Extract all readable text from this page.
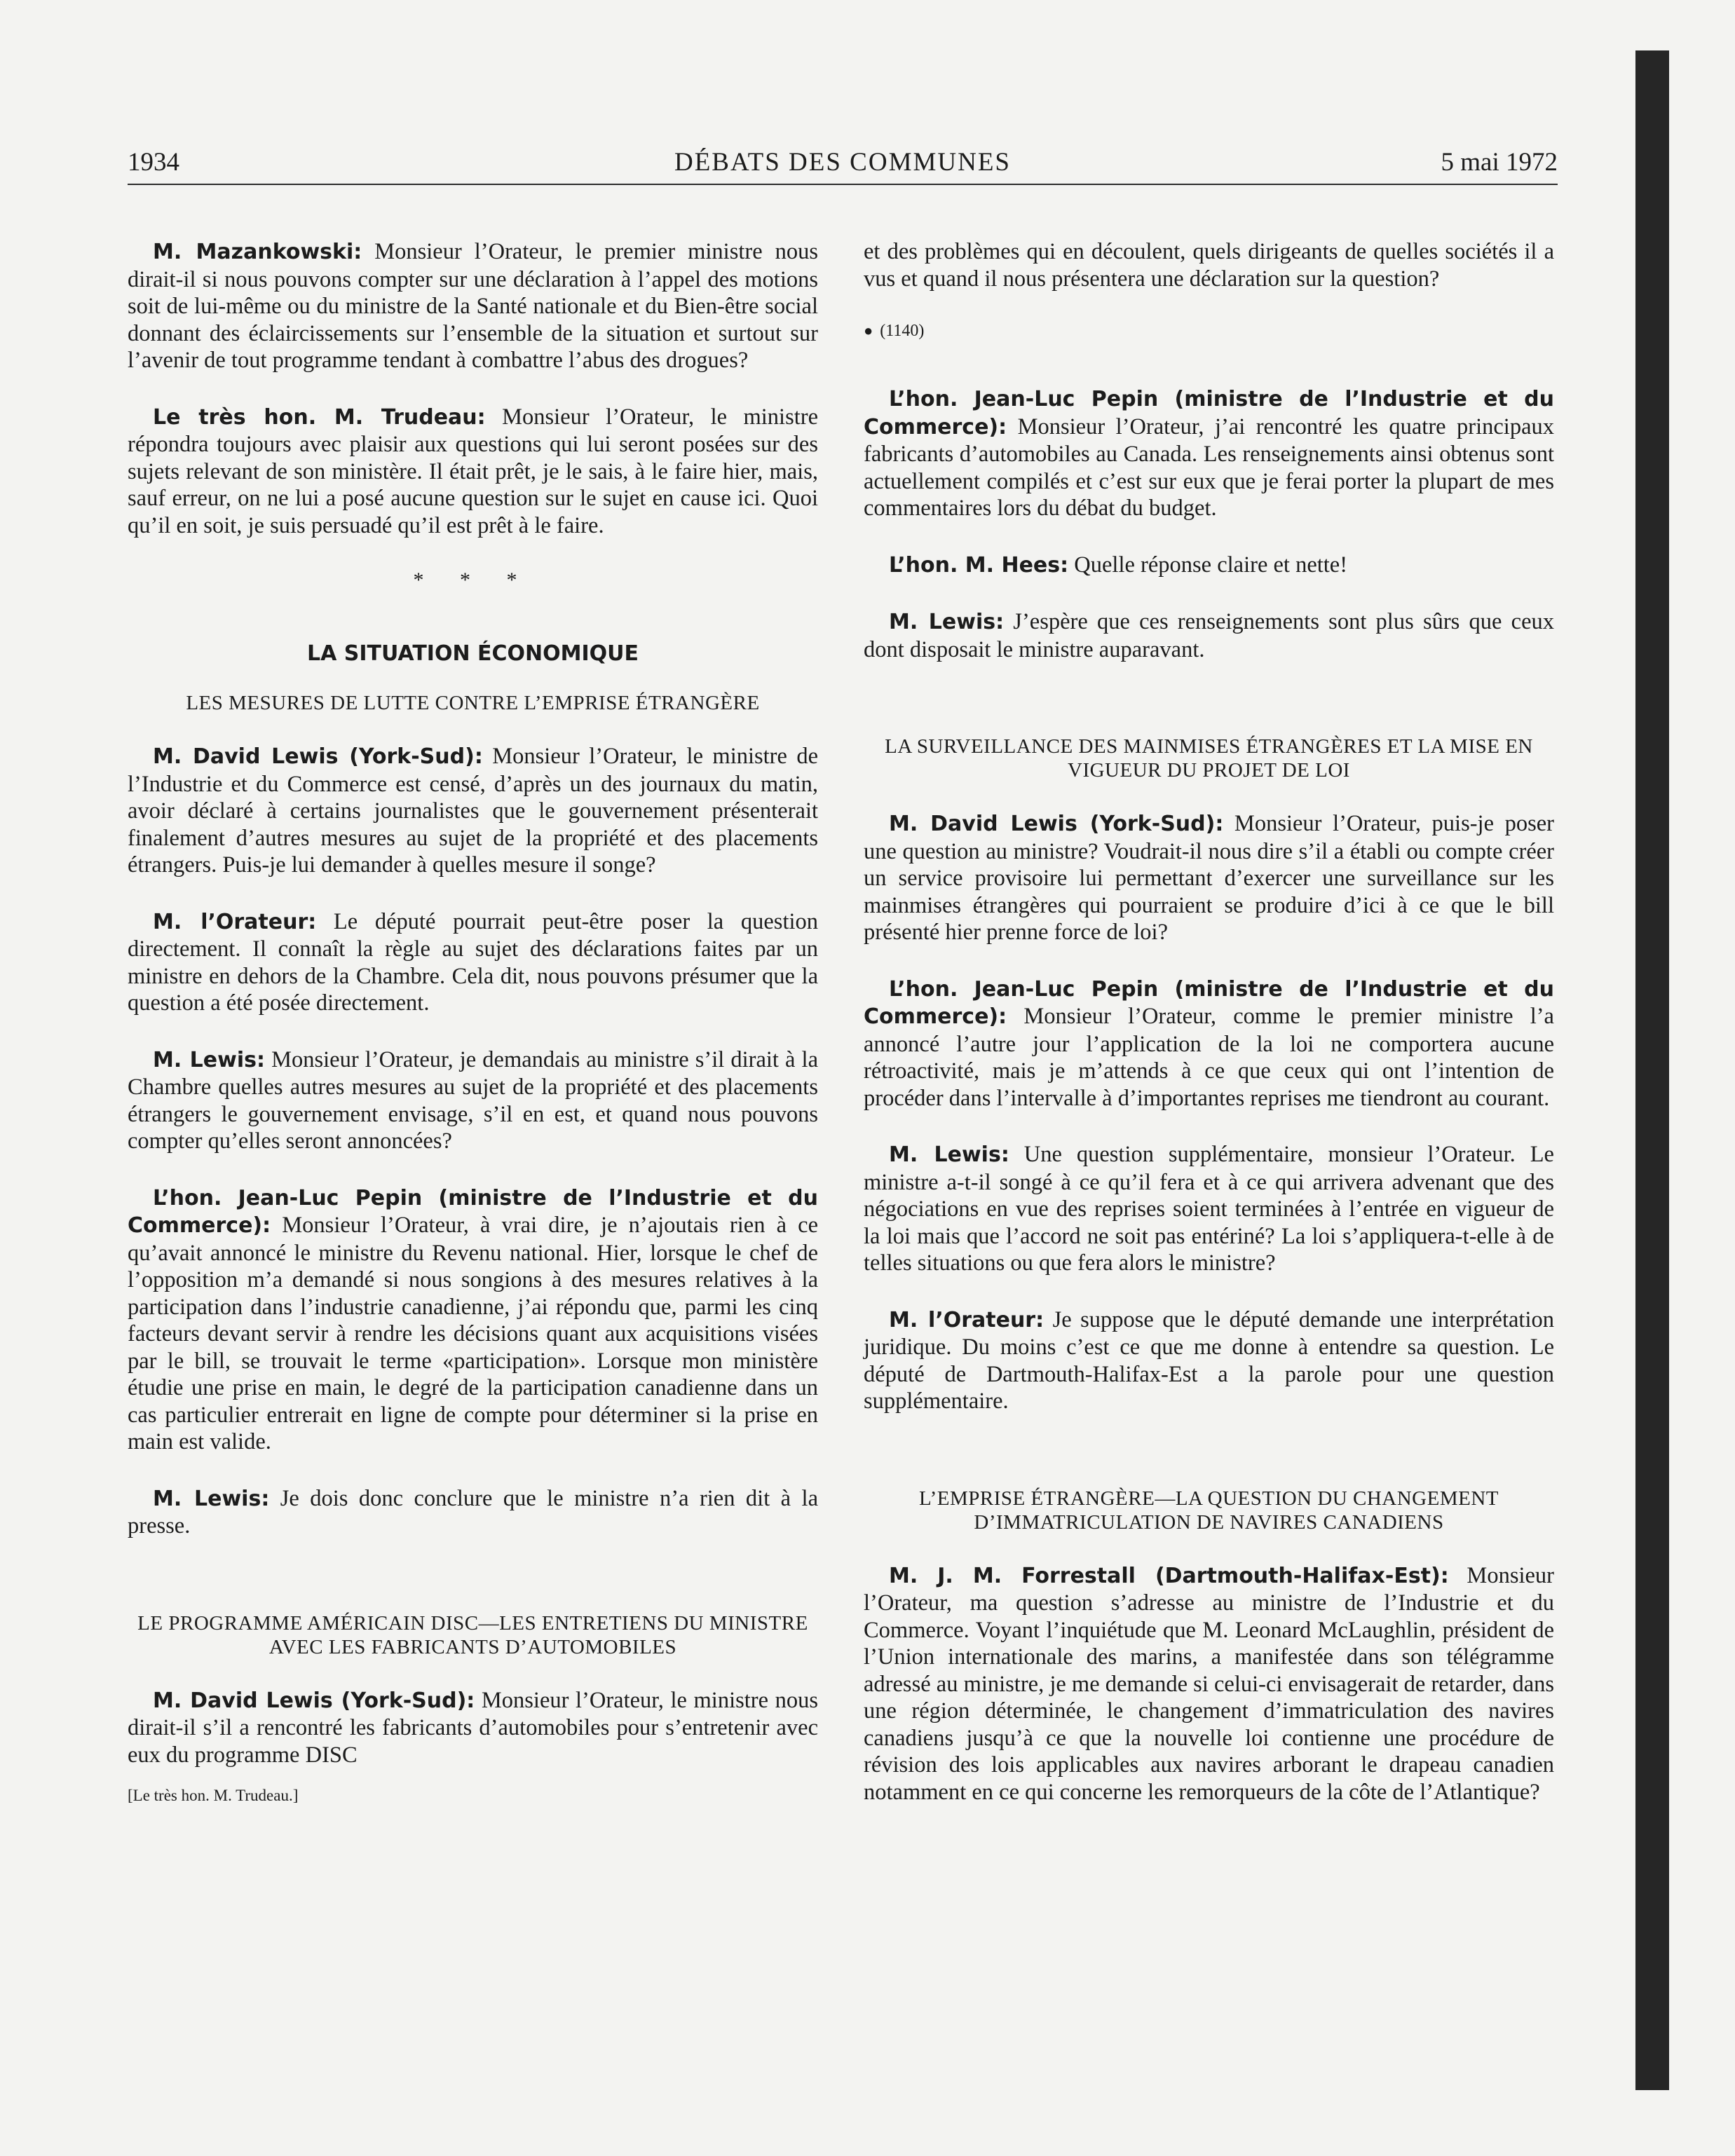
1934	DÉBATS DES COMMUNES	5 mai 1972

M. Mazankowski: Monsieur l’Orateur, le premier ministre nous dirait-il si nous pouvons compter sur une déclaration à l’appel des motions soit de lui-même ou du ministre de la Santé nationale et du Bien-être social donnant des éclaircissements sur l’ensemble de la situation et surtout sur l’avenir de tout programme tendant à combattre l’abus des drogues?

Le très hon. M. Trudeau: Monsieur l’Orateur, le ministre répondra toujours avec plaisir aux questions qui lui seront posées sur des sujets relevant de son ministère. Il était prêt, je le sais, à le faire hier, mais, sauf erreur, on ne lui a posé aucune question sur le sujet en cause ici. Quoi qu’il en soit, je suis persuadé qu’il est prêt à le faire.

* * *
LA SITUATION ÉCONOMIQUE
LES MESURES DE LUTTE CONTRE L’EMPRISE ÉTRANGÈRE

M. David Lewis (York-Sud): Monsieur l’Orateur, le ministre de l’Industrie et du Commerce est censé, d’après un des journaux du matin, avoir déclaré à certains journalistes que le gouvernement présenterait finalement d’autres mesures au sujet de la propriété et des placements étrangers. Puis-je lui demander à quelles mesure il songe?

M. l’Orateur: Le député pourrait peut-être poser la question directement. Il connaît la règle au sujet des déclarations faites par un ministre en dehors de la Chambre. Cela dit, nous pouvons présumer que la question a été posée directement.

M. Lewis: Monsieur l’Orateur, je demandais au ministre s’il dirait à la Chambre quelles autres mesures au sujet de la propriété et des placements étrangers le gouvernement envisage, s’il en est, et quand nous pouvons compter qu’elles seront annoncées?

L’hon. Jean-Luc Pepin (ministre de l’Industrie et du Commerce): Monsieur l’Orateur, à vrai dire, je n’ajoutais rien à ce qu’avait annoncé le ministre du Revenu national. Hier, lorsque le chef de l’opposition m’a demandé si nous songions à des mesures relatives à la participation dans l’industrie canadienne, j’ai répondu que, parmi les cinq facteurs devant servir à rendre les décisions quant aux acquisitions visées par le bill, se trouvait le terme «participation». Lorsque mon ministère étudie une prise en main, le degré de la participation canadienne dans un cas particulier entrerait en ligne de compte pour déterminer si la prise en main est valide.

M. Lewis: Je dois donc conclure que le ministre n’a rien dit à la presse.

LE PROGRAMME AMÉRICAIN DISC—LES ENTRETIENS DU MINISTRE AVEC LES FABRICANTS D’AUTOMOBILES

M. David Lewis (York-Sud): Monsieur l’Orateur, le ministre nous dirait-il s’il a rencontré les fabricants d’automobiles pour s’entretenir avec eux du programme DISC

[Le très hon. M. Trudeau.]

et des problèmes qui en découlent, quels dirigeants de quelles sociétés il a vus et quand il nous présentera une déclaration sur la question?

● (1140)

L’hon. Jean-Luc Pepin (ministre de l’Industrie et du Commerce): Monsieur l’Orateur, j’ai rencontré les quatre principaux fabricants d’automobiles au Canada. Les renseignements ainsi obtenus sont actuellement compilés et c’est sur eux que je ferai porter la plupart de mes commentaires lors du débat du budget.

L’hon. M. Hees: Quelle réponse claire et nette!

M. Lewis: J’espère que ces renseignements sont plus sûrs que ceux dont disposait le ministre auparavant.

LA SURVEILLANCE DES MAINMISES ÉTRANGÈRES ET LA MISE EN VIGUEUR DU PROJET DE LOI

M. David Lewis (York-Sud): Monsieur l’Orateur, puis-je poser une question au ministre? Voudrait-il nous dire s’il a établi ou compte créer un service provisoire lui permettant d’exercer une surveillance sur les mainmises étrangères qui pourraient se produire d’ici à ce que le bill présenté hier prenne force de loi?

L’hon. Jean-Luc Pepin (ministre de l’Industrie et du Commerce): Monsieur l’Orateur, comme le premier ministre l’a annoncé l’autre jour l’application de la loi ne comportera aucune rétroactivité, mais je m’attends à ce que ceux qui ont l’intention de procéder dans l’intervalle à d’importantes reprises me tiendront au courant.

M. Lewis: Une question supplémentaire, monsieur l’Orateur. Le ministre a-t-il songé à ce qu’il fera et à ce qui arrivera advenant que des négociations en vue des reprises soient terminées à l’entrée en vigueur de la loi mais que l’accord ne soit pas entériné? La loi s’appliquera-t-elle à de telles situations ou que fera alors le ministre?

M. l’Orateur: Je suppose que le député demande une interprétation juridique. Du moins c’est ce que me donne à entendre sa question. Le député de Dartmouth-Halifax-Est a la parole pour une question supplémentaire.

L’EMPRISE ÉTRANGÈRE—LA QUESTION DU CHANGEMENT D’IMMATRICULATION DE NAVIRES CANADIENS

M. J. M. Forrestall (Dartmouth-Halifax-Est): Monsieur l’Orateur, ma question s’adresse au ministre de l’Industrie et du Commerce. Voyant l’inquiétude que M. Leonard McLaughlin, président de l’Union internationale des marins, a manifestée dans son télégramme adressé au ministre, je me demande si celui-ci envisagerait de retarder, dans une région déterminée, le changement d’immatriculation des navires canadiens jusqu’à ce que la nouvelle loi contienne une procédure de révision des lois applicables aux navires arborant le drapeau canadien notamment en ce qui concerne les remorqueurs de la côte de l’Atlantique?
